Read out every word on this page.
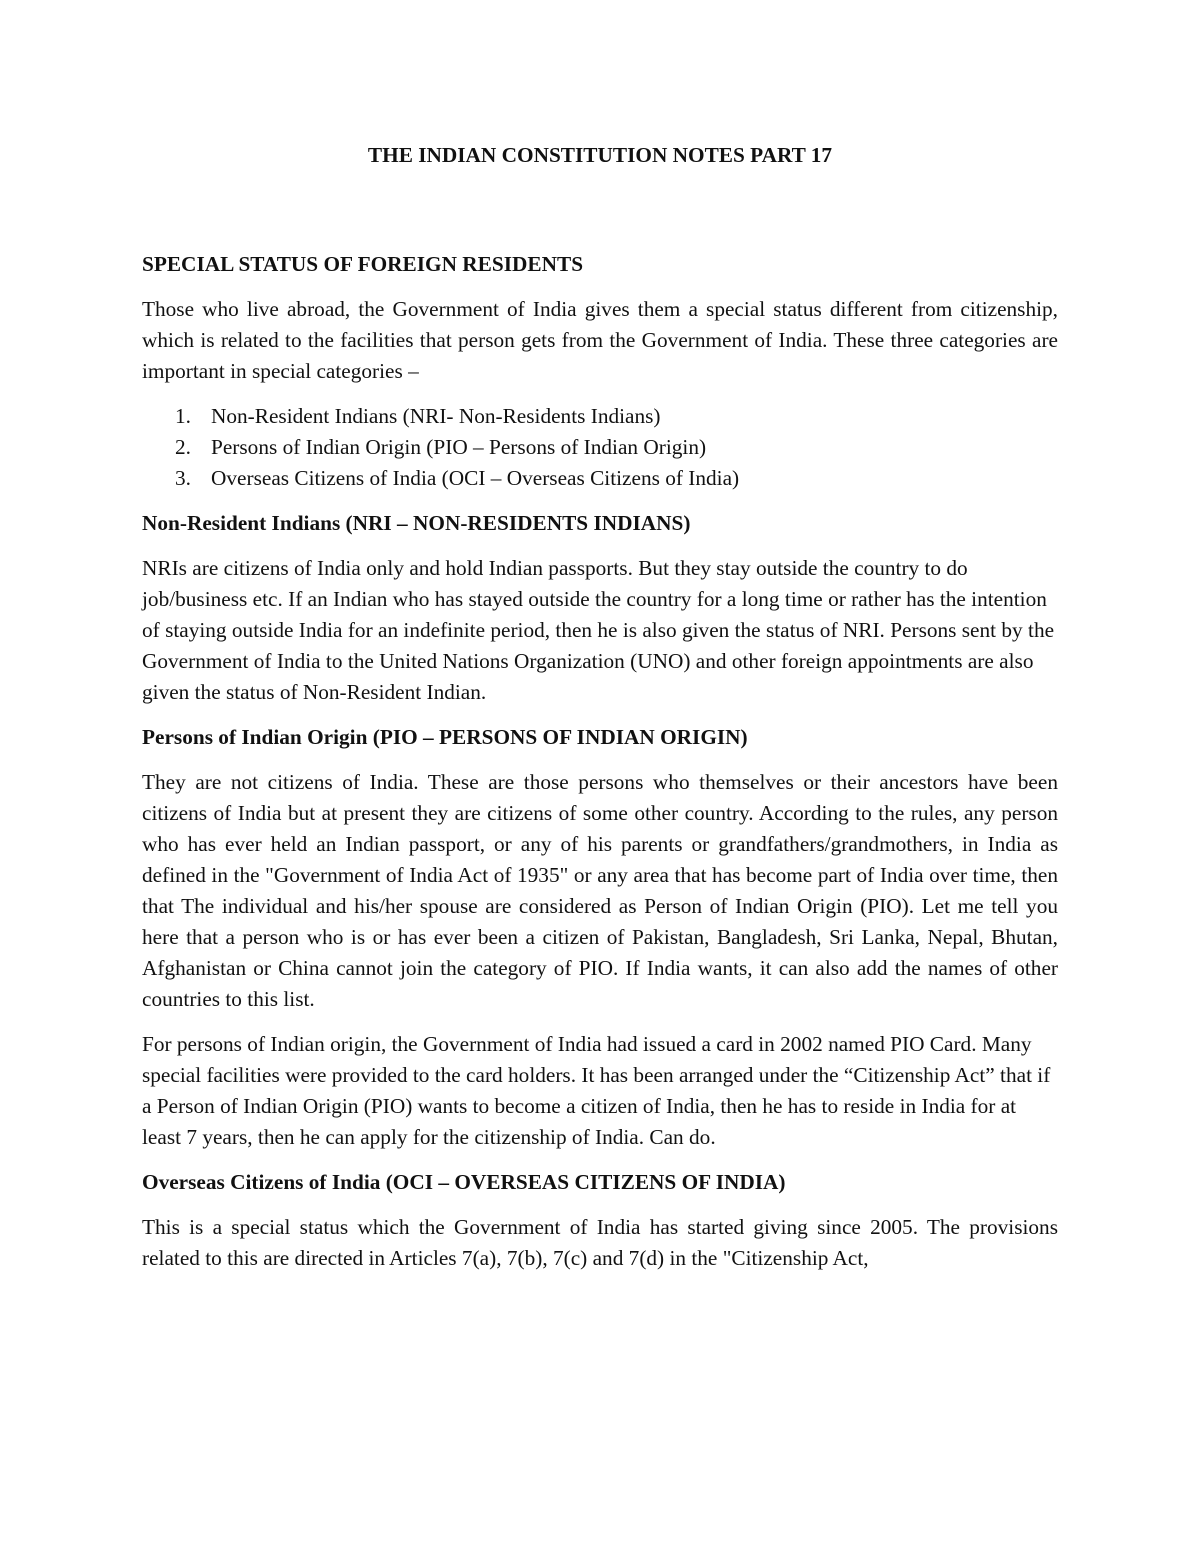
THE INDIAN CONSTITUTION NOTES PART 17
SPECIAL STATUS OF FOREIGN RESIDENTS

Those who live abroad, the Government of India gives them a special status different from citizenship, which is related to the facilities that person gets from the Government of India. These three categories are important in special categories –

1. Non-Resident Indians (NRI- Non-Residents Indians)
2. Persons of Indian Origin (PIO – Persons of Indian Origin)
3. Overseas Citizens of India (OCI – Overseas Citizens of India)
Non-Resident Indians (NRI – NON-RESIDENTS INDIANS)

NRIs are citizens of India only and hold Indian passports. But they stay outside the country to do job/business etc. If an Indian who has stayed outside the country for a long time or rather has the intention of staying outside India for an indefinite period, then he is also given the status of NRI. Persons sent by the Government of India to the United Nations Organization (UNO) and other foreign appointments are also given the status of Non-Resident Indian.

Persons of Indian Origin (PIO – PERSONS OF INDIAN ORIGIN)

They are not citizens of India. These are those persons who themselves or their ancestors have been citizens of India but at present they are citizens of some other country. According to the rules, any person who has ever held an Indian passport, or any of his parents or grandfathers/grandmothers, in India as defined in the "Government of India Act of 1935" or any area that has become part of India over time, then that The individual and his/her spouse are considered as Person of Indian Origin (PIO). Let me tell you here that a person who is or has ever been a citizen of Pakistan, Bangladesh, Sri Lanka, Nepal, Bhutan, Afghanistan or China cannot join the category of PIO. If India wants, it can also add the names of other countries to this list.

For persons of Indian origin, the Government of India had issued a card in 2002 named PIO Card. Many special facilities were provided to the card holders. It has been arranged under the “Citizenship Act” that if a Person of Indian Origin (PIO) wants to become a citizen of India, then he has to reside in India for at least 7 years, then he can apply for the citizenship of India. Can do.

Overseas Citizens of India (OCI – OVERSEAS CITIZENS OF INDIA)

This is a special status which the Government of India has started giving since 2005. The provisions related to this are directed in Articles 7(a), 7(b), 7(c) and 7(d) in the "Citizenship Act,
